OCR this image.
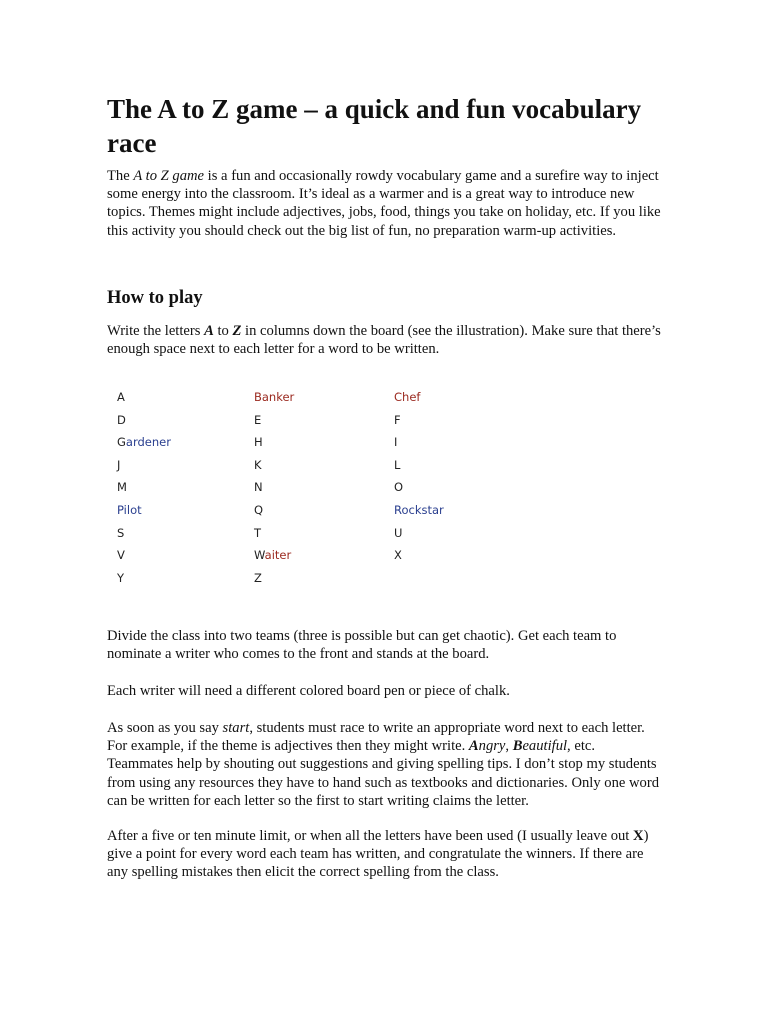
The A to Z game – a quick and fun vocabulary race

The A to Z game is a fun and occasionally rowdy vocabulary game and a surefire way to inject some energy into the classroom. It’s ideal as a warmer and is a great way to introduce new topics. Themes might include adjectives, jobs, food, things you take on holiday, etc. If you like this activity you should check out the big list of fun, no preparation warm-up activities.

How to play

Write the letters A to Z in columns down the board (see the illustration). Make sure that there’s enough space next to each letter for a word to be written.

A
D
Gardener
J
M
Pilot
S
V
Y
Banker
E
H
K
N
Q
T
Waiter
Z
Chef
F
I
L
O
Rockstar
U
X

Divide the class into two teams (three is possible but can get chaotic). Get each team to nominate a writer who comes to the front and stands at the board.

Each writer will need a different colored board pen or piece of chalk.

As soon as you say start, students must race to write an appropriate word next to each letter. For example, if the theme is adjectives then they might write. Angry, Beautiful, etc. Teammates help by shouting out suggestions and giving spelling tips. I don’t stop my students from using any resources they have to hand such as textbooks and dictionaries. Only one word can be written for each letter so the first to start writing claims the letter.

After a five or ten minute limit, or when all the letters have been used (I usually leave out X) give a point for every word each team has written, and congratulate the winners. If there are any spelling mistakes then elicit the correct spelling from the class.
